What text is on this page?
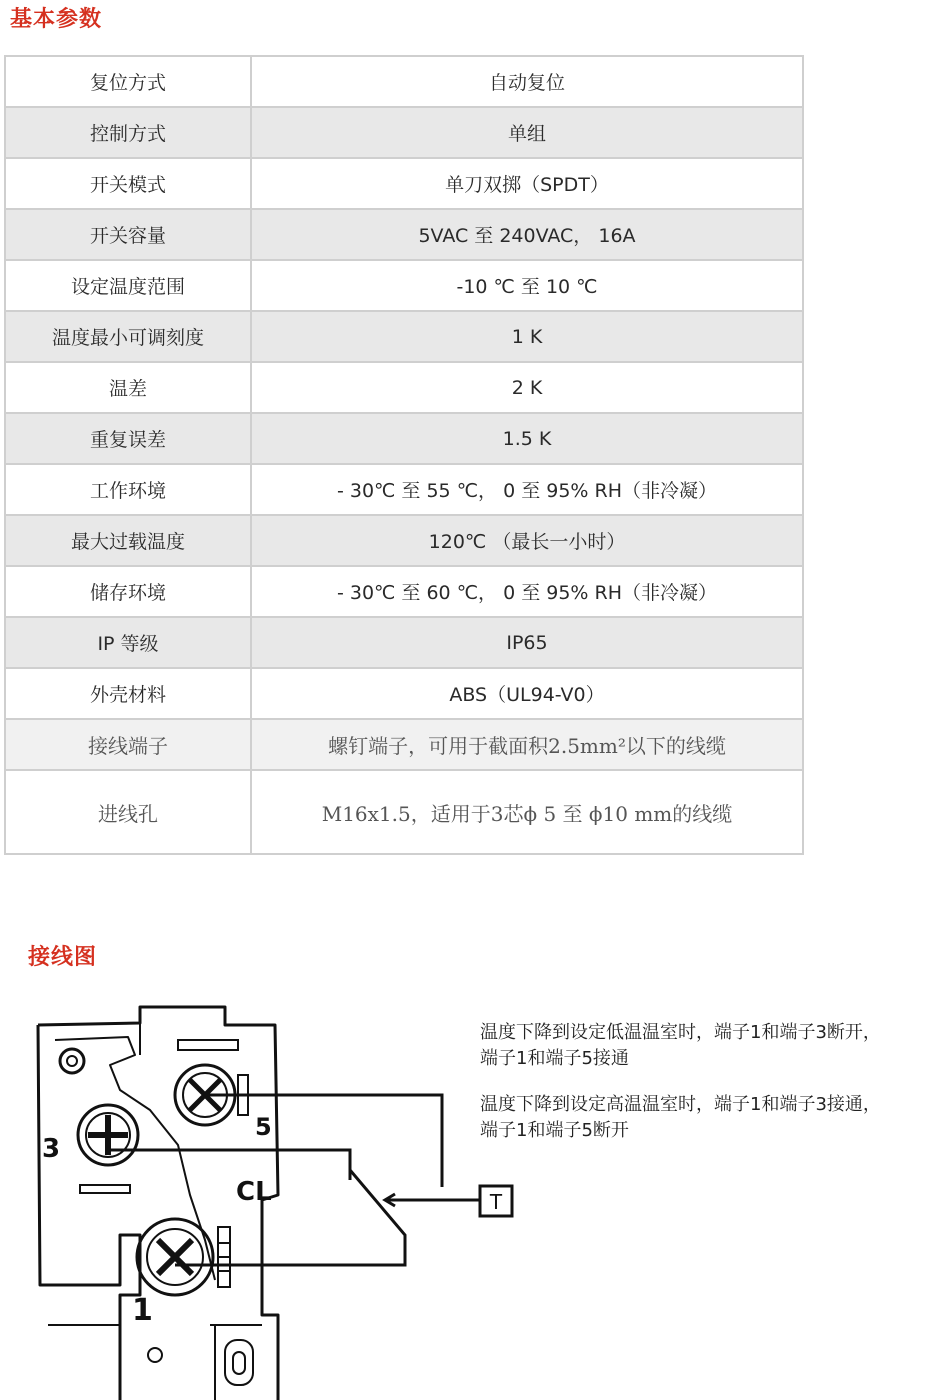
基本参数
复位方式	自动复位
控制方式	单组
开关模式	单刀双掷（SPDT）
开关容量	5VAC 至 240VAC， 16A
设定温度范围	-10 ℃ 至 10 ℃
温度最小可调刻度	1 K
温差	2 K
重复误差	1.5 K
工作环境	- 30℃ 至 55 ℃， 0 至 95% RH（非冷凝）
最大过载温度	120℃ （最长一小时）
储存环境	- 30℃ 至 60 ℃， 0 至 95% RH（非冷凝）
IP 等级	IP65
外壳材料	ABS（UL94-V0）
接线端子	螺钉端子，可用于截面积2.5mm²以下的线缆
进线孔	M16x1.5，适用于3芯ϕ 5 至 ϕ10 mm的线缆
接线图
3
5
1
CL	T
温度下降到设定低温温室时，端子1和端子3断开，
端子1和端子5接通
温度下降到设定高温温室时，端子1和端子3接通，
端子1和端子5断开
